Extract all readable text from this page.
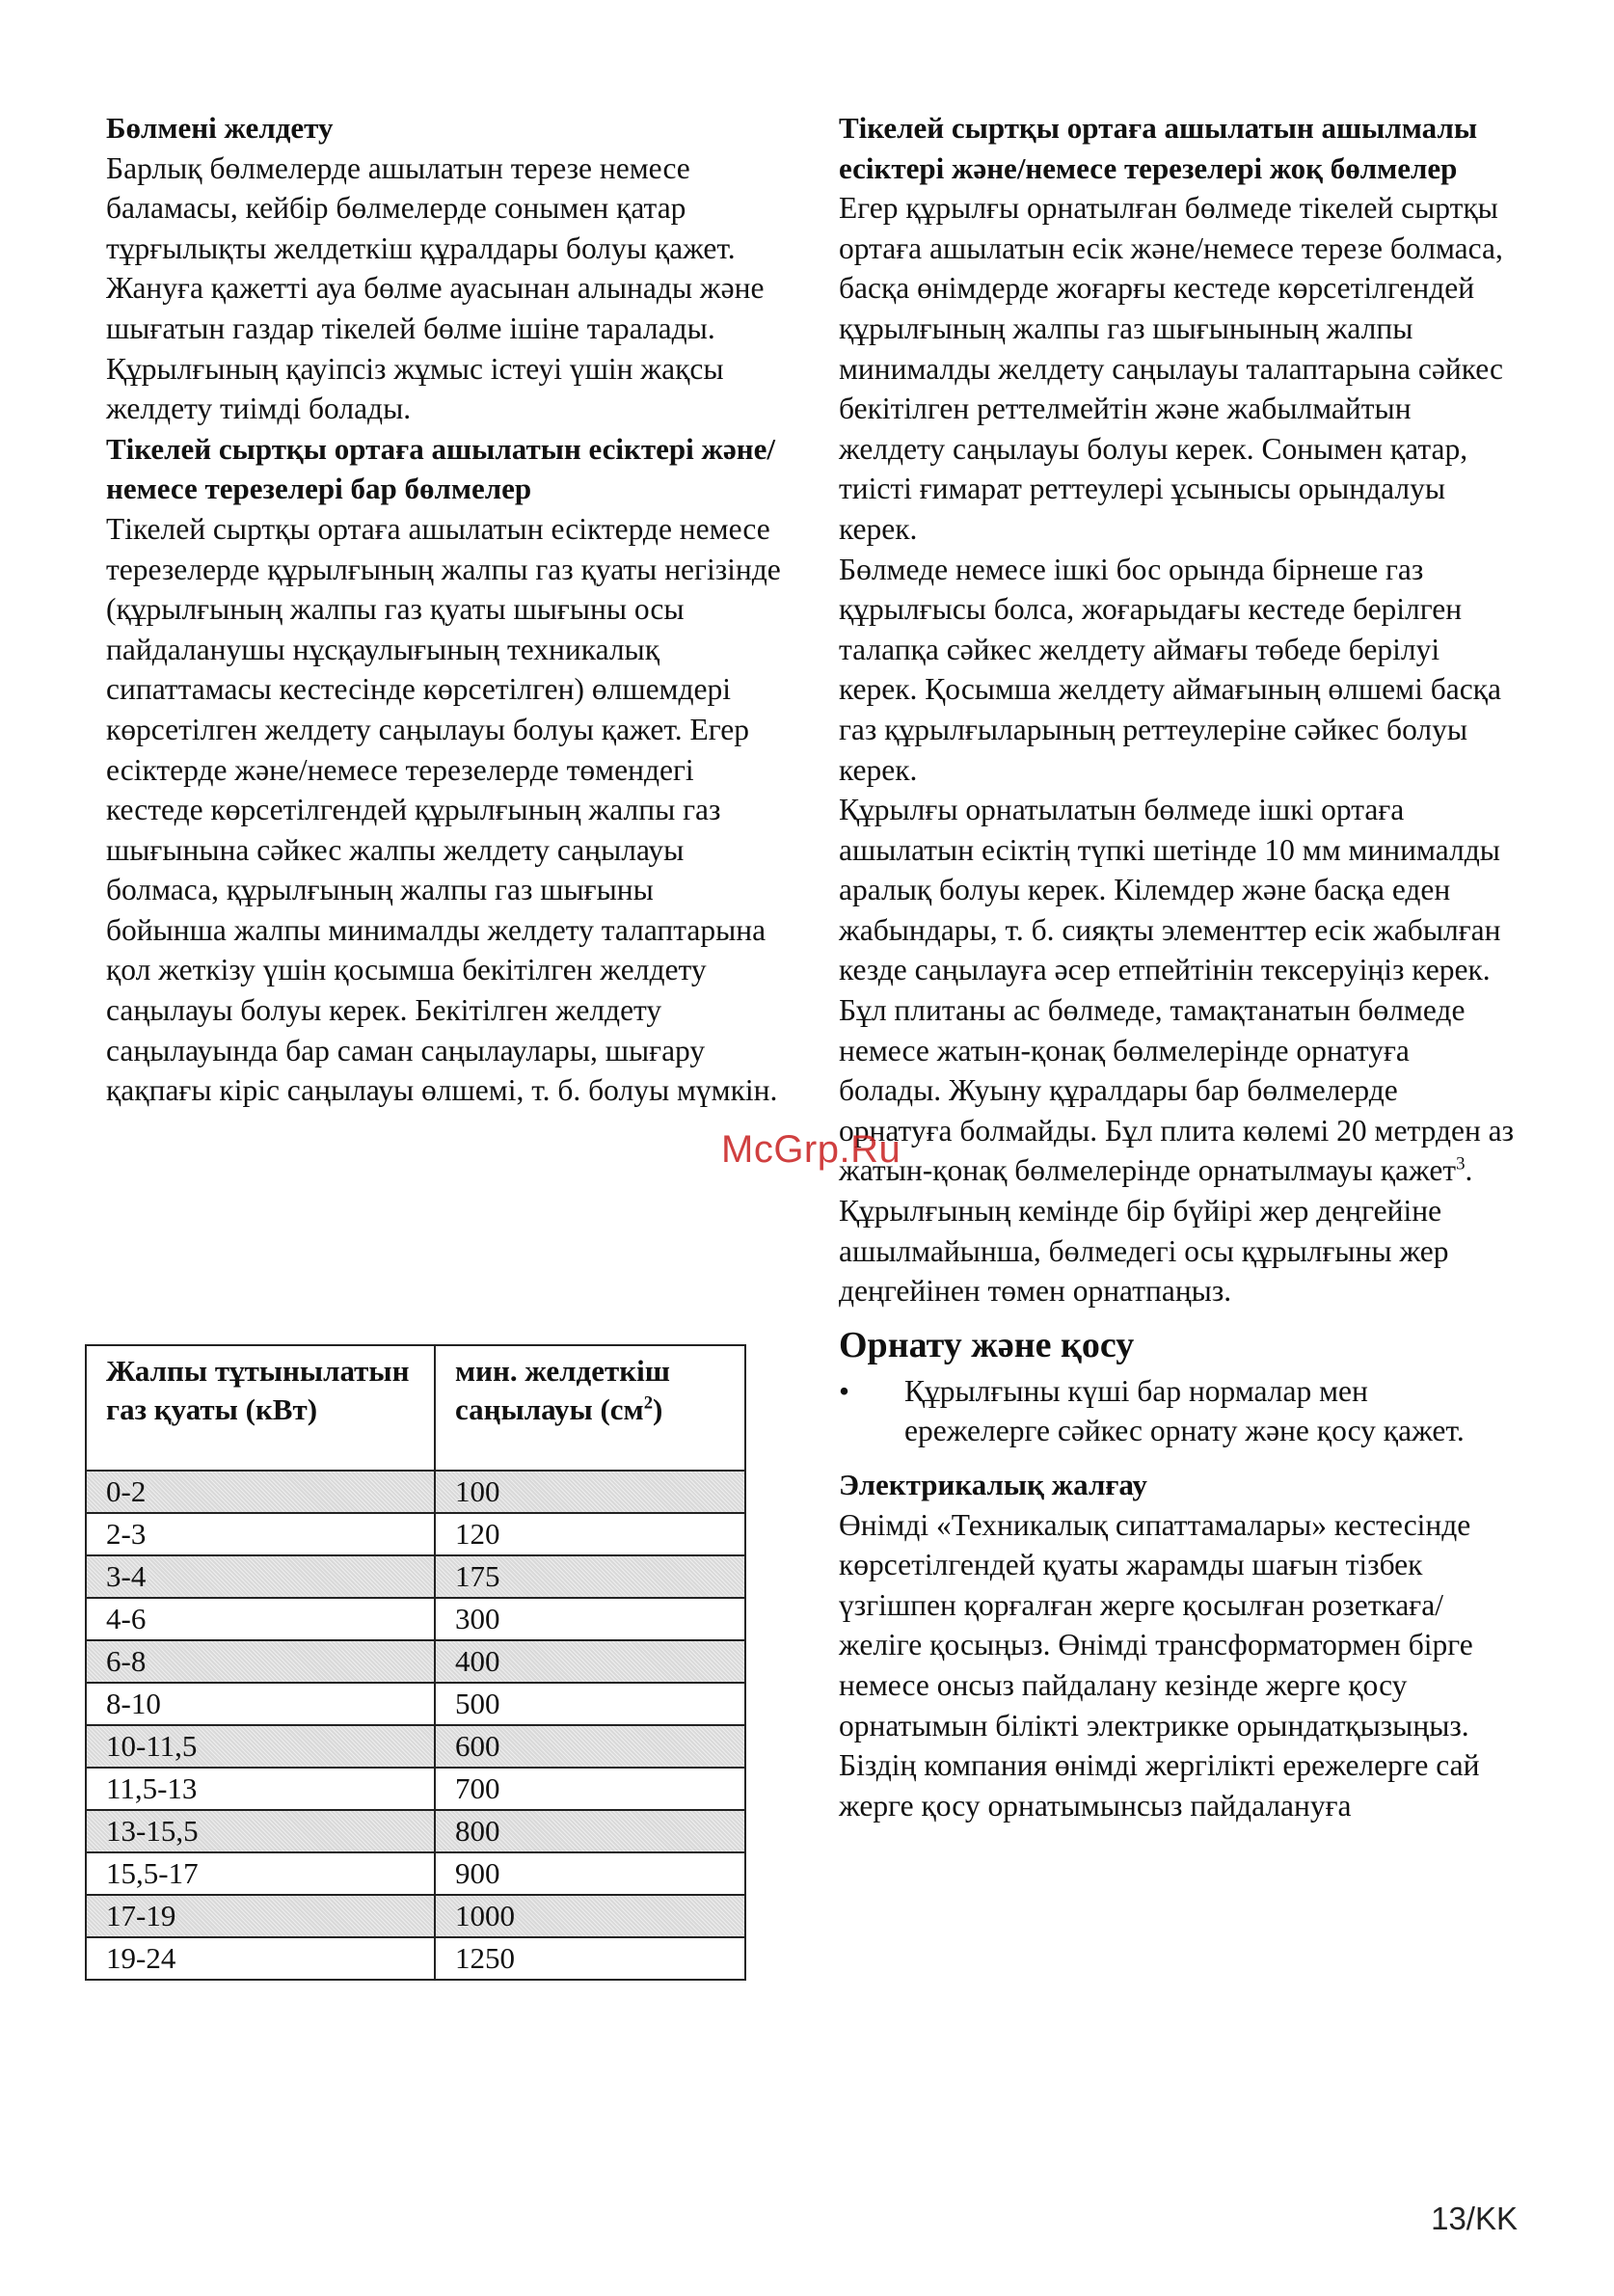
Бөлмені желдету

Барлық бөлмелерде ашылатын терезе немесе баламасы, кейбір бөлмелерде сонымен қатар тұрғылықты желдеткіш құралдары болуы қажет. Жануға қажетті ауа бөлме ауасынан алынады және шығатын газдар тікелей бөлме ішіне таралады. Құрылғының қауіпсіз жұмыс істеуі үшін жақсы желдету тиімді болады.

Тікелей сыртқы ортаға ашылатын есіктері және/немесе терезелері бар бөлмелер

Тікелей сыртқы ортаға ашылатын есіктерде немесе терезелерде құрылғының жалпы газ қуаты негізінде (құрылғының жалпы газ қуаты шығыны осы пайдаланушы нұсқаулығының техникалық сипаттамасы кестесінде көрсетілген) өлшемдері көрсетілген желдету саңылауы болуы қажет. Егер есіктерде және/немесе терезелерде төмендегі кестеде көрсетілгендей құрылғының жалпы газ шығынына сәйкес жалпы желдету саңылауы болмаса, құрылғының жалпы газ шығыны бойынша жалпы минималды желдету талаптарына қол жеткізу үшін қосымша бекітілген желдету саңылауы болуы керек. Бекітілген желдету саңылауында бар саман саңылаулары, шығару қақпағы кіріс саңылауы өлшемі, т. б. болуы мүмкін.

Жалпы тұтынылатын газ қуаты (кВт)	мин. желдеткіш саңылауы $(см^2)$
0-2	100
2-3	120
3-4	175
4-6	300
6-8	400
8-10	500
10-11,5	600
11,5-13	700
13-15,5	800
15,5-17	900
17-19	1000
19-24	1250
Тікелей сыртқы ортаға ашылатын ашылмалы есіктері және/немесе терезелері жоқ бөлмелер

Егер құрылғы орнатылған бөлмеде тікелей сыртқы ортаға ашылатын есік және/немесе терезе болмаса, басқа өнімдерде жоғарғы кестеде көрсетілгендей құрылғының жалпы газ шығынының жалпы минималды желдету саңылауы талаптарына сәйкес бекітілген реттелмейтін және жабылмайтын желдету саңылауы болуы керек. Сонымен қатар, тиісті ғимарат реттеулері ұсынысы орындалуы керек.

Бөлмеде немесе ішкі бос орында бірнеше газ құрылғысы болса, жоғарыдағы кестеде берілген талапқа сәйкес желдету аймағы төбеде берілуі керек. Қосымша желдету аймағының өлшемі басқа газ құрылғыларының реттеулеріне сәйкес болуы керек.

Құрылғы орнатылатын бөлмеде ішкі ортаға ашылатын есіктің түпкі шетінде 10 мм минималды аралық болуы керек. Кілемдер және басқа еден жабындары, т. б. сияқты элементтер есік жабылған кезде саңылауға әсер етпейтінін тексеруіңіз керек.

Бұл плитаны ас бөлмеде, тамақтанатын бөлмеде немесе жатын-қонақ бөлмелерінде орнатуға болады. Жуыну құралдары бар бөлмелерде орнатуға болмайды. Бұл плита көлемі 20 метрден аз жатын-қонақ бөлмелерінде орнатылмауы қажет$^3$.

Құрылғының кемінде бір бүйірі жер деңгейіне ашылмайынша, бөлмедегі осы құрылғыны жер деңгейінен төмен орнатпаңыз.

Орнату және қосу
•	Құрылғыны күші бар нормалар мен ережелерге сәйкес орнату және қосу қажет.
Электрикалық жалғау

Өнімді «Техникалық сипаттамалары» кестесінде көрсетілгендей қуаты жарамды шағын тізбек үзгішпен қорғалған жерге қосылған розеткаға/желіге қосыңыз. Өнімді трансформатормен бірге немесе онсыз пайдалану кезінде жерге қосу орнатымын білікті электрикке орындатқызыңыз. Біздің компания өнімді жергілікті ережелерге сай жерге қосу орнатымынсыз пайдалануға

McGrp.Ru
13/KK
